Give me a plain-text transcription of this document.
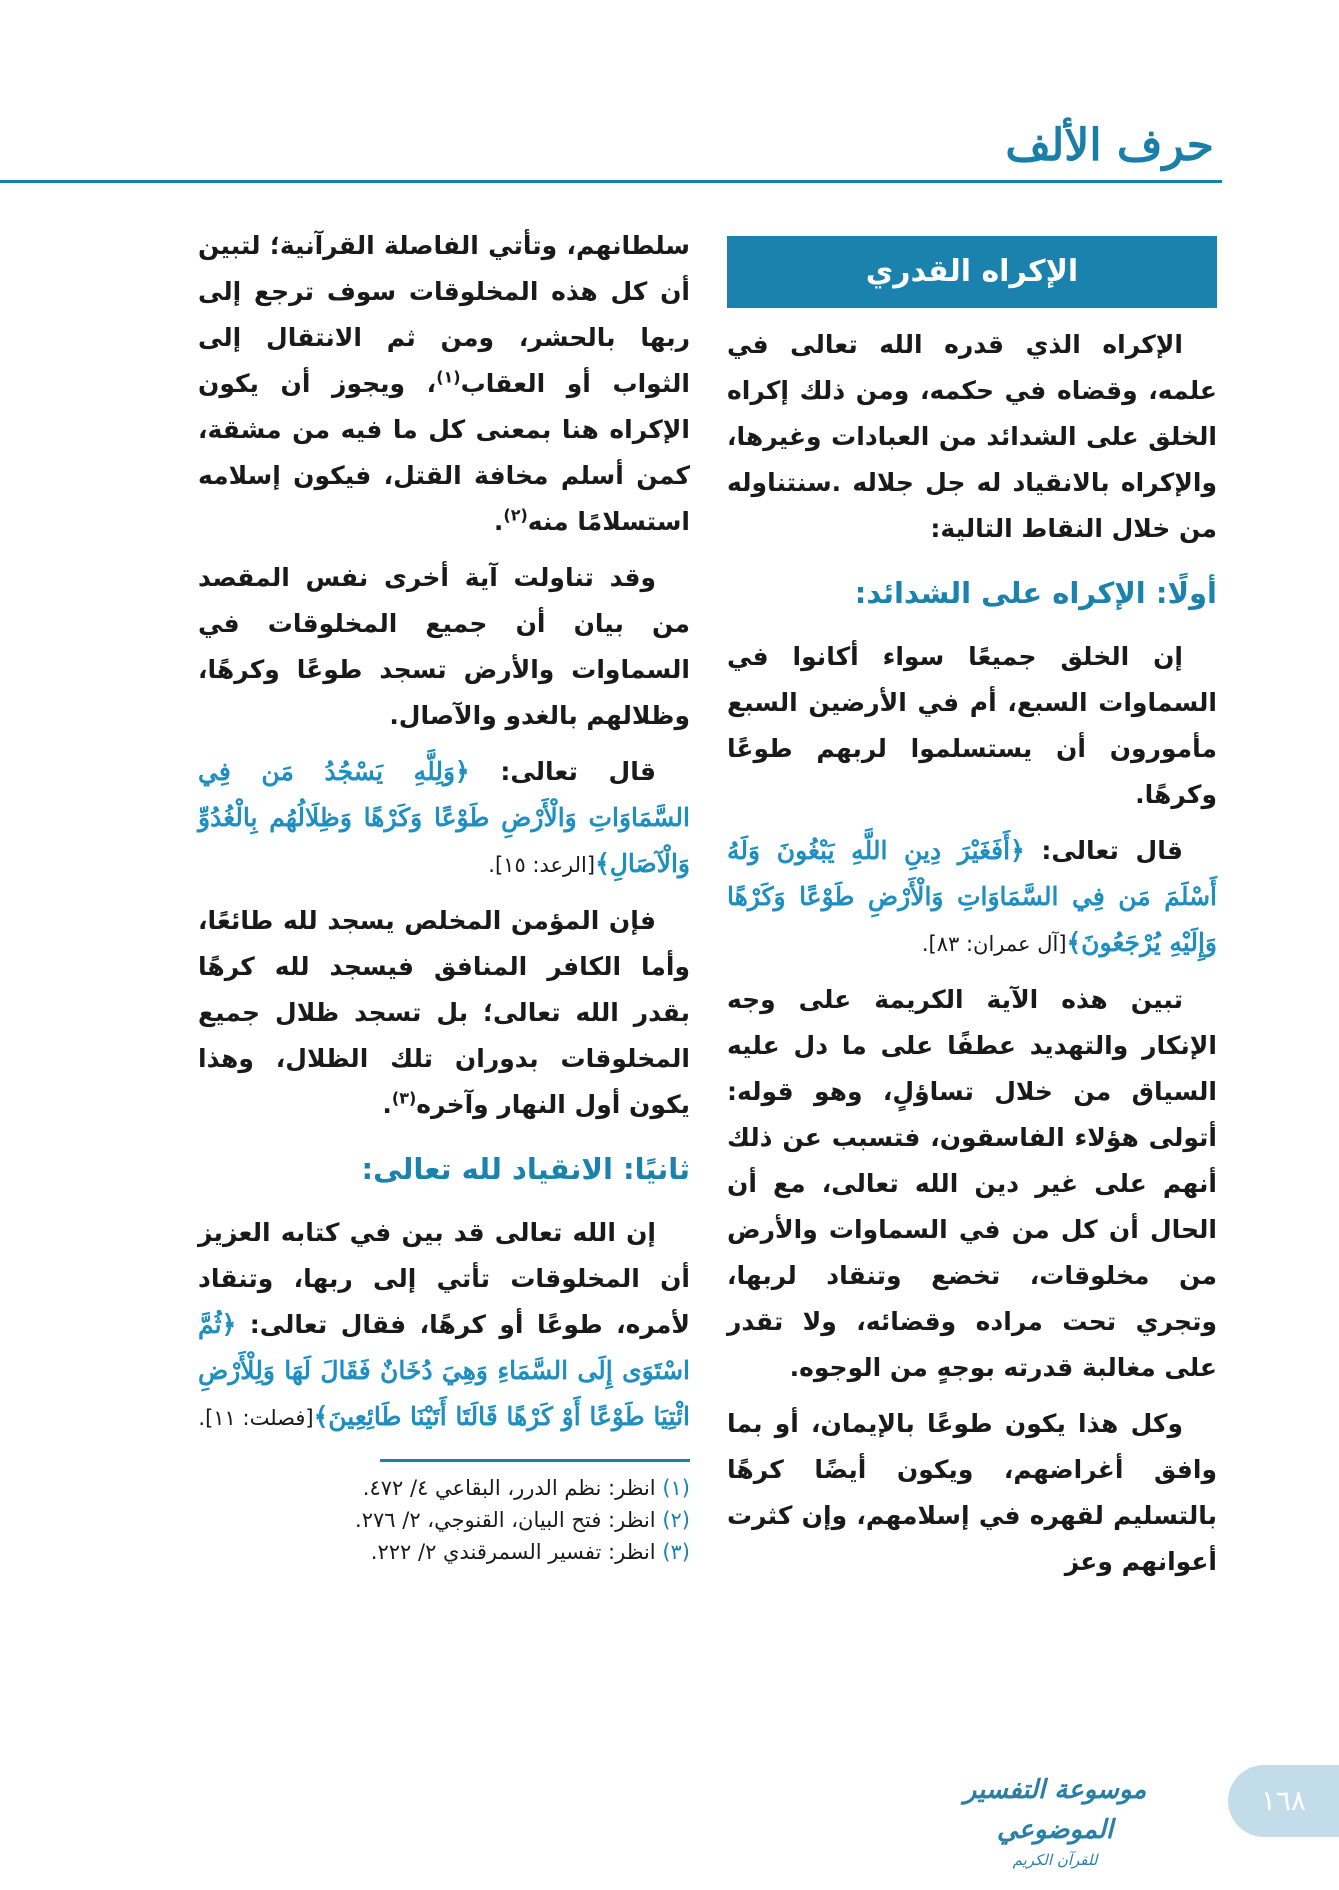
حرف الألف
الإكراه القدري

الإكراه الذي قدره الله تعالى في علمه، وقضاه في حكمه، ومن ذلك إكراه الخلق على الشدائد من العبادات وغيرها، والإكراه بالانقياد له جل جلاله .سنتناوله من خلال النقاط التالية:

أولًا: الإكراه على الشدائد:

إن الخلق جميعًا سواء أكانوا في السماوات السبع، أم في الأرضين السبع مأمورون أن يستسلموا لربهم طوعًا وكرهًا.

قال تعالى: ﴿أَفَغَيْرَ دِينِ اللَّهِ يَبْغُونَ وَلَهُ أَسْلَمَ مَن فِي السَّمَاوَاتِ وَالْأَرْضِ طَوْعًا وَكَرْهًا وَإِلَيْهِ يُرْجَعُونَ﴾[آل عمران: ٨٣].

تبين هذه الآية الكريمة على وجه الإنكار والتهديد عطفًا على ما دل عليه السياق من خلال تساؤلٍ، وهو قوله: أتولى هؤلاء الفاسقون، فتسبب عن ذلك أنهم على غير دين الله تعالى، مع أن الحال أن كل من في السماوات والأرض من مخلوقات، تخضع وتنقاد لربها، وتجري تحت مراده وقضائه، ولا تقدر على مغالبة قدرته بوجهٍ من الوجوه.

وكل هذا يكون طوعًا بالإيمان، أو بما وافق أغراضهم، ويكون أيضًا كرهًا بالتسليم لقهره في إسلامهم، وإن كثرت أعوانهم وعز

سلطانهم، وتأتي الفاصلة القرآنية؛ لتبين أن كل هذه المخلوقات سوف ترجع إلى ربها بالحشر، ومن ثم الانتقال إلى الثواب أو العقاب$^{(١)}$، ويجوز أن يكون الإكراه هنا بمعنى كل ما فيه من مشقة، كمن أسلم مخافة القتل، فيكون إسلامه استسلامًا منه$^{(٢)}$.

وقد تناولت آية أخرى نفس المقصد من بيان أن جميع المخلوقات في السماوات والأرض تسجد طوعًا وكرهًا، وظلالهم بالغدو والآصال.

قال تعالى: ﴿وَلِلَّهِ يَسْجُدُ مَن فِي السَّمَاوَاتِ وَالْأَرْضِ طَوْعًا وَكَرْهًا وَظِلَالُهُم بِالْغُدُوِّ وَالْآصَالِ﴾[الرعد: ١٥].

فإن المؤمن المخلص يسجد لله طائعًا، وأما الكافر المنافق فيسجد لله كرهًا بقدر الله تعالى؛ بل تسجد ظلال جميع المخلوقات بدوران تلك الظلال، وهذا يكون أول النهار وآخره$^{(٣)}$.

ثانيًا: الانقياد لله تعالى:

إن الله تعالى قد بين في كتابه العزيز أن المخلوقات تأتي إلى ربها، وتنقاد لأمره، طوعًا أو كرهًا، فقال تعالى: ﴿ثُمَّ اسْتَوَى إِلَى السَّمَاءِ وَهِيَ دُخَانٌ فَقَالَ لَهَا وَلِلْأَرْضِ ائْتِيَا طَوْعًا أَوْ كَرْهًا قَالَتَا أَتَيْنَا طَائِعِينَ﴾[فصلت: ١١].

(١) انظر: نظم الدرر، البقاعي ٤/ ٤٧٢.
(٢) انظر: فتح البيان، القنوجي، ٢/ ٢٧٦.
(٣) انظر: تفسير السمرقندي ٢/ ٢٢٢.
موسوعة التفسير الموضوعي
للقرآن الكريم
١٦٨
